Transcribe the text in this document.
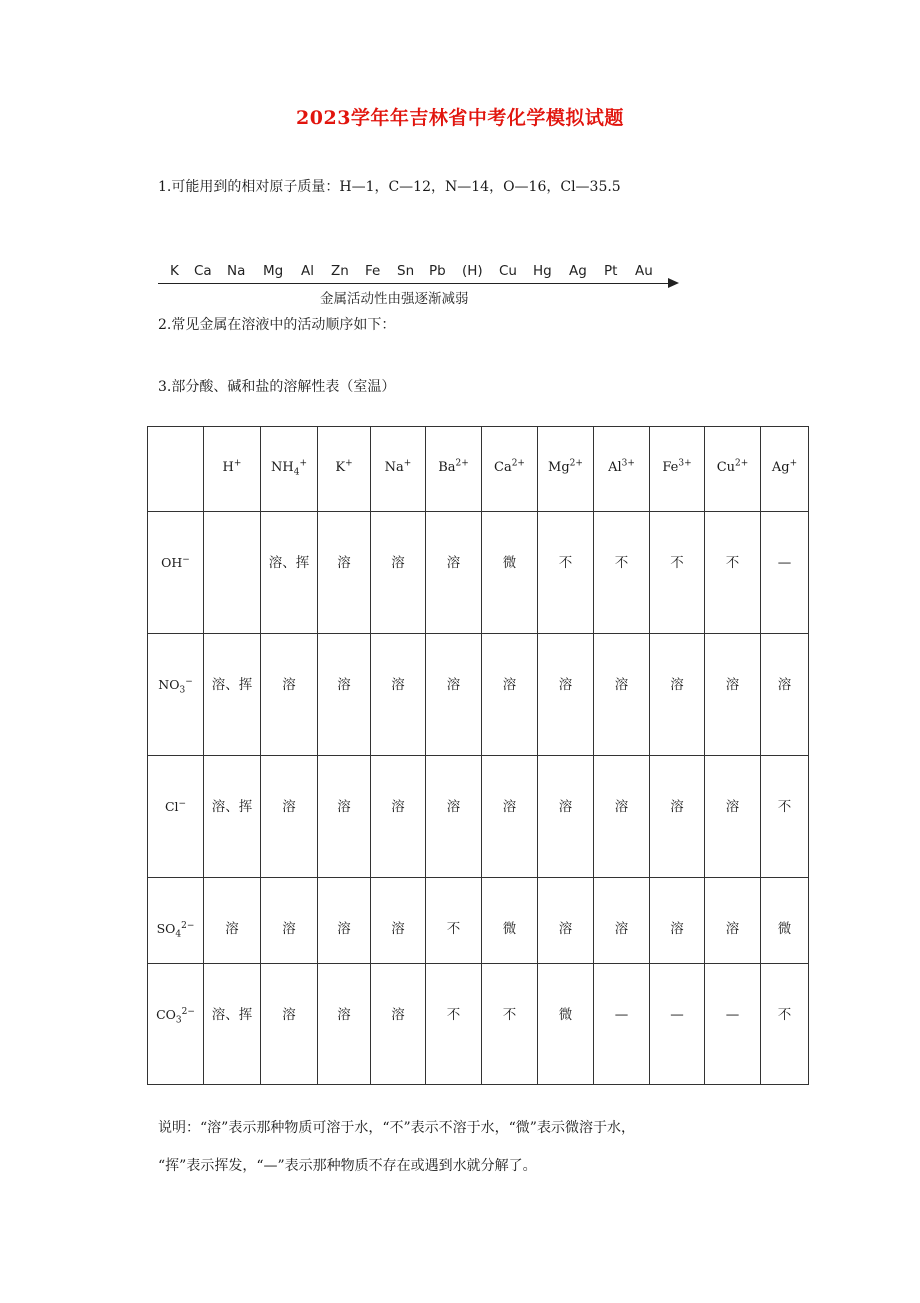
2023学年年吉林省中考化学模拟试题
1.可能用到的相对原子质量：H—1，C—12，N—14，O—16，Cl—35.5
K Ca Na Mg Al Zn Fe Sn Pb (H) Cu Hg Ag Pt Au
金属活动性由强逐渐减弱
2.常见金属在溶液中的活动顺序如下：
3.部分酸、碱和盐的溶解性表（室温）

	H+	$NH_4^+$	K+	Na+	$Ba^{2+}$	$Ca^{2+}$	$Mg^{2+}$	$Al^{3+}$	$Fe^{3+}$	$Cu^{2+}$	Ag+

OH−		溶、挥	溶	溶	溶	微	不	不	不	不	—

$NO_3^-$	溶、挥	溶	溶	溶	溶	溶	溶	溶	溶	溶	溶

Cl−	溶、挥	溶	溶	溶	溶	溶	溶	溶	溶	溶	不

$SO_4^{2-}$	溶	溶	溶	溶	不	微	溶	溶	溶	溶	微

$CO_3^{2-}$	溶、挥	溶	溶	溶	不	不	微	—	—	—	不
说明：“溶”表示那种物质可溶于水，“不”表示不溶于水，“微”表示微溶于水，
“挥”表示挥发，“—”表示那种物质不存在或遇到水就分解了。
